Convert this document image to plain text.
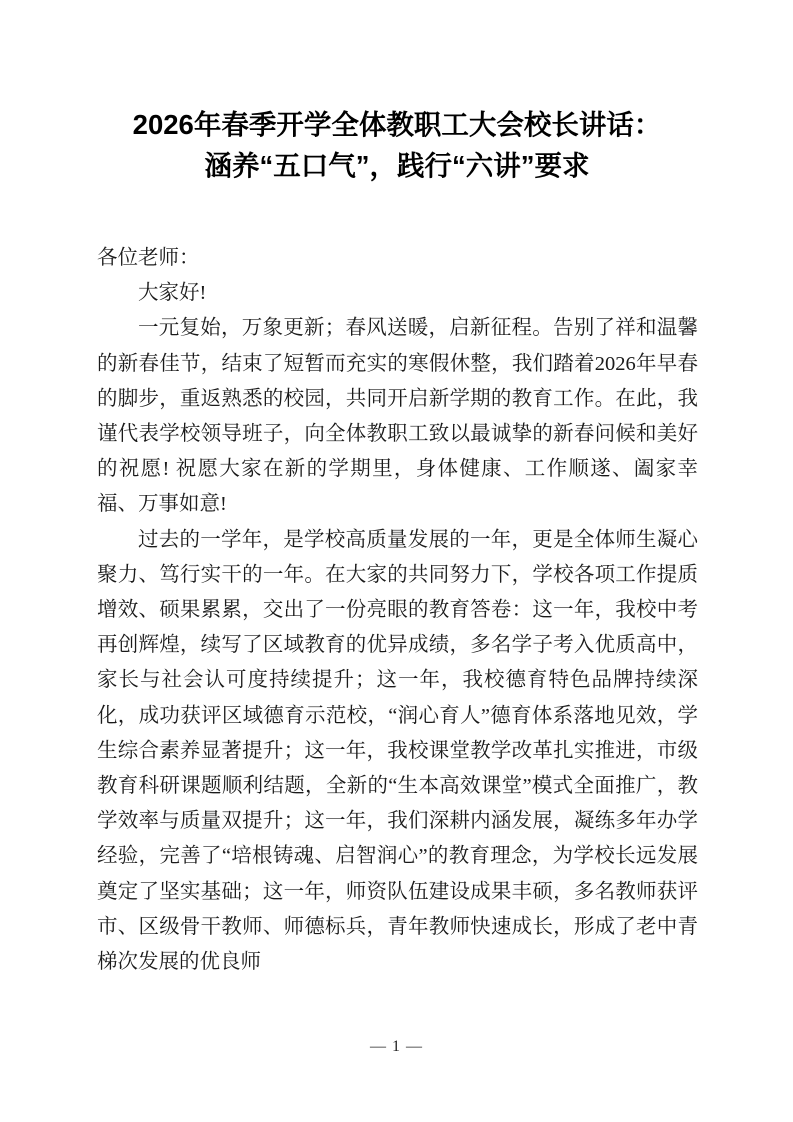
2026年春季开学全体教职工大会校长讲话：
涵养“五口气”，践行“六讲”要求

各位老师：

大家好!

一元复始，万象更新；春风送暖，启新征程。告别了祥和温馨的新春佳节，结束了短暂而充实的寒假休整，我们踏着2026年早春的脚步，重返熟悉的校园，共同开启新学期的教育工作。在此，我谨代表学校领导班子，向全体教职工致以最诚挚的新春问候和美好的祝愿! 祝愿大家在新的学期里，身体健康、工作顺遂、阖家幸福、万事如意!

过去的一学年，是学校高质量发展的一年，更是全体师生凝心聚力、笃行实干的一年。在大家的共同努力下，学校各项工作提质增效、硕果累累，交出了一份亮眼的教育答卷：这一年，我校中考再创辉煌，续写了区域教育的优异成绩，多名学子考入优质高中，家长与社会认可度持续提升；这一年，我校德育特色品牌持续深化，成功获评区域德育示范校，“润心育人”德育体系落地见效，学生综合素养显著提升；这一年，我校课堂教学改革扎实推进，市级教育科研课题顺利结题，全新的“生本高效课堂”模式全面推广，教学效率与质量双提升；这一年，我们深耕内涵发展，凝练多年办学经验，完善了“培根铸魂、启智润心”的教育理念，为学校长远发展奠定了坚实基础；这一年，师资队伍建设成果丰硕，多名教师获评市、区级骨干教师、师德标兵，青年教师快速成长，形成了老中青梯次发展的优良师

— 1 —
